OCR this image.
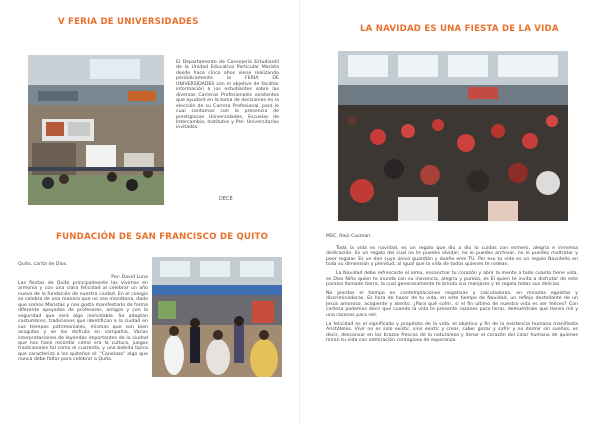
V FERIA DE UNIVERSIDADES

El Departamento de Consejería Estudiantil de la Unidad Educativa Particular Marista desde hace cinco años viene realizando periódicamente la FERIA DE UNIVERSIDADES con el objetivo de facilitar información a los estudiantes sobre las diversas Carreras Profesionales existentes que ayudará en la toma de decisiones en la elección de su Carrera Profesional, para lo cual contamos con la presencia de prestigiosas Universidades, Escuelas de Intercambio, Institutos y Pre- Universitarios invitados.

DECE
FUNDACIÓN DE SAN FRANCISCO DE QUITO
Quito, carita de Dios.
Por: David Luna

Las fiestas de Quito principalmente las vivimos en armonía y con una clara felicidad al celebrar un año nuevo de la fundación de nuestra ciudad. En el colegio se celebra de una manera que no sea monótona, dado que somos Maristas y nos gusta manifestarlo de forma diferente apoyados de profesores, amigos y con la seguridad que será algo inolvidable. Se adoptan costumbres, tradiciones que identifican a la ciudad en sus tiempos patrimoniales, mismas que son bien acogidos y se los disfruta en compañía. Varias interpretaciones de leyendas importantes de la ciudad que nos hace recordar cómo era la cultura, juegos tradicionales tal como el cuarenta, y una bebida típica que caracteriza a los quiteños el: "Canelazo" algo que nunca debe faltar para celebrar a Quito.

LA NAVIDAD ES UNA FIESTA DE LA VIDA
MSC. Raúl Cusmán

Toda la vida es navidad, es un regalo que dio a dio lo cuidas con esmero, alegría e inmensa dedicación. Es un regalo del cual no te puedes olvidar, no lo puedes archivar, no lo puedes maltratar y peor regalar. Es un don cuyo único guardián y dueño eres TÚ. Por eso tu vida es un regalo Navideño en toda su dimensión y plenitud, al igual que la vida de todos quienes te rodean.

La Navidad debe refrescarte el alma, ensanchar tu corazón y abrir la mente a todo cuanto tiene vida, es Dios Niño quien te inunda con su inocencia, alegría y pureza, es Él quien te invita a disfrutar de este paraíso llamado tierra, la cual generosamente te brinda sus manjares y te regala todas sus delicias.

No pierdas el tiempo en contemplaciones negativas y calculadoras, en miradas egoístas y discriminadoras. Es hora de hacer de tu vida, en este tiempo de Navidad, un reflejo destellante de un Jesús amoroso, acogiente y atento. ¿Para qué sufrir, si el fin último de nuestra vida es ser felices? Con certeza podemos decir que cuando la vida te presente razones para llorar, demuéstrale que tienes mil y una razones para reír.

La felicidad es el significado y propósito de la vida, el objetivo y fin de la existencia humana manifiesta Aristóteles. Vivir no es solo existir, sino existir y crear, saber gozar y sufrir y no dormir sin sueños, es decir, descansar en los brazos frescos de la naturaleza y llenar el corazón del calor humano de quienes miran tu vida con admiración contagiosa de esperanza.
